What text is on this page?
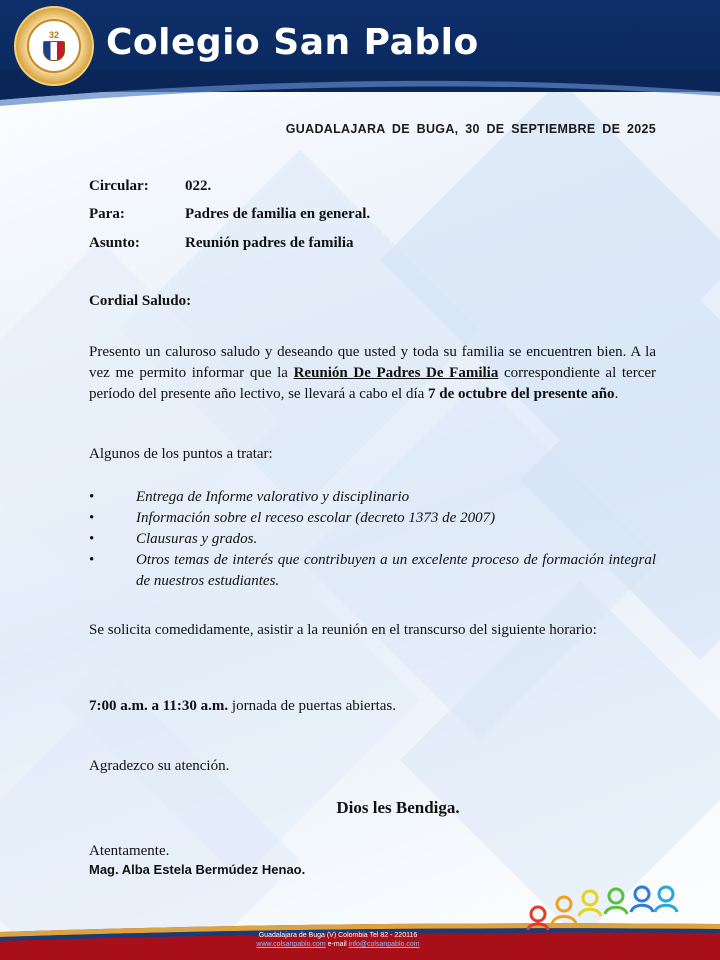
32 Colegio San Pablo
GUADALAJARA DE BUGA, 30 DE SEPTIEMBRE DE 2025
Circular: 022.
Para:	Padres de familia en general.
Asunto:	Reunión padres de familia
Cordial Saludo:

Presento un caluroso saludo y deseando que usted y toda su familia se encuentren bien. A la vez me permito informar que la Reunión De Padres De Familia correspondiente al tercer período del presente año lectivo, se llevará a cabo el día 7 de octubre del presente año.

Algunos de los puntos a tratar:
• Entrega de Informe valorativo y disciplinario
• Información sobre el receso escolar (decreto 1373 de 2007)
• Clausuras y grados.
• Otros temas de interés que contribuyen a un excelente proceso de formación integral de nuestros estudiantes.

Se solicita comedidamente, asistir a la reunión en el transcurso del siguiente horario:

7:00 a.m. a 11:30 a.m. jornada de puertas abiertas.
Agradezco su atención.
Dios les Bendiga.
Atentamente.
Mag. Alba Estela Bermúdez Henao.
Guadalajara de Buga (V) Colombia Tel 82 - 220116
www.colsanpablo.com e-mail info@colsanpablo.com
